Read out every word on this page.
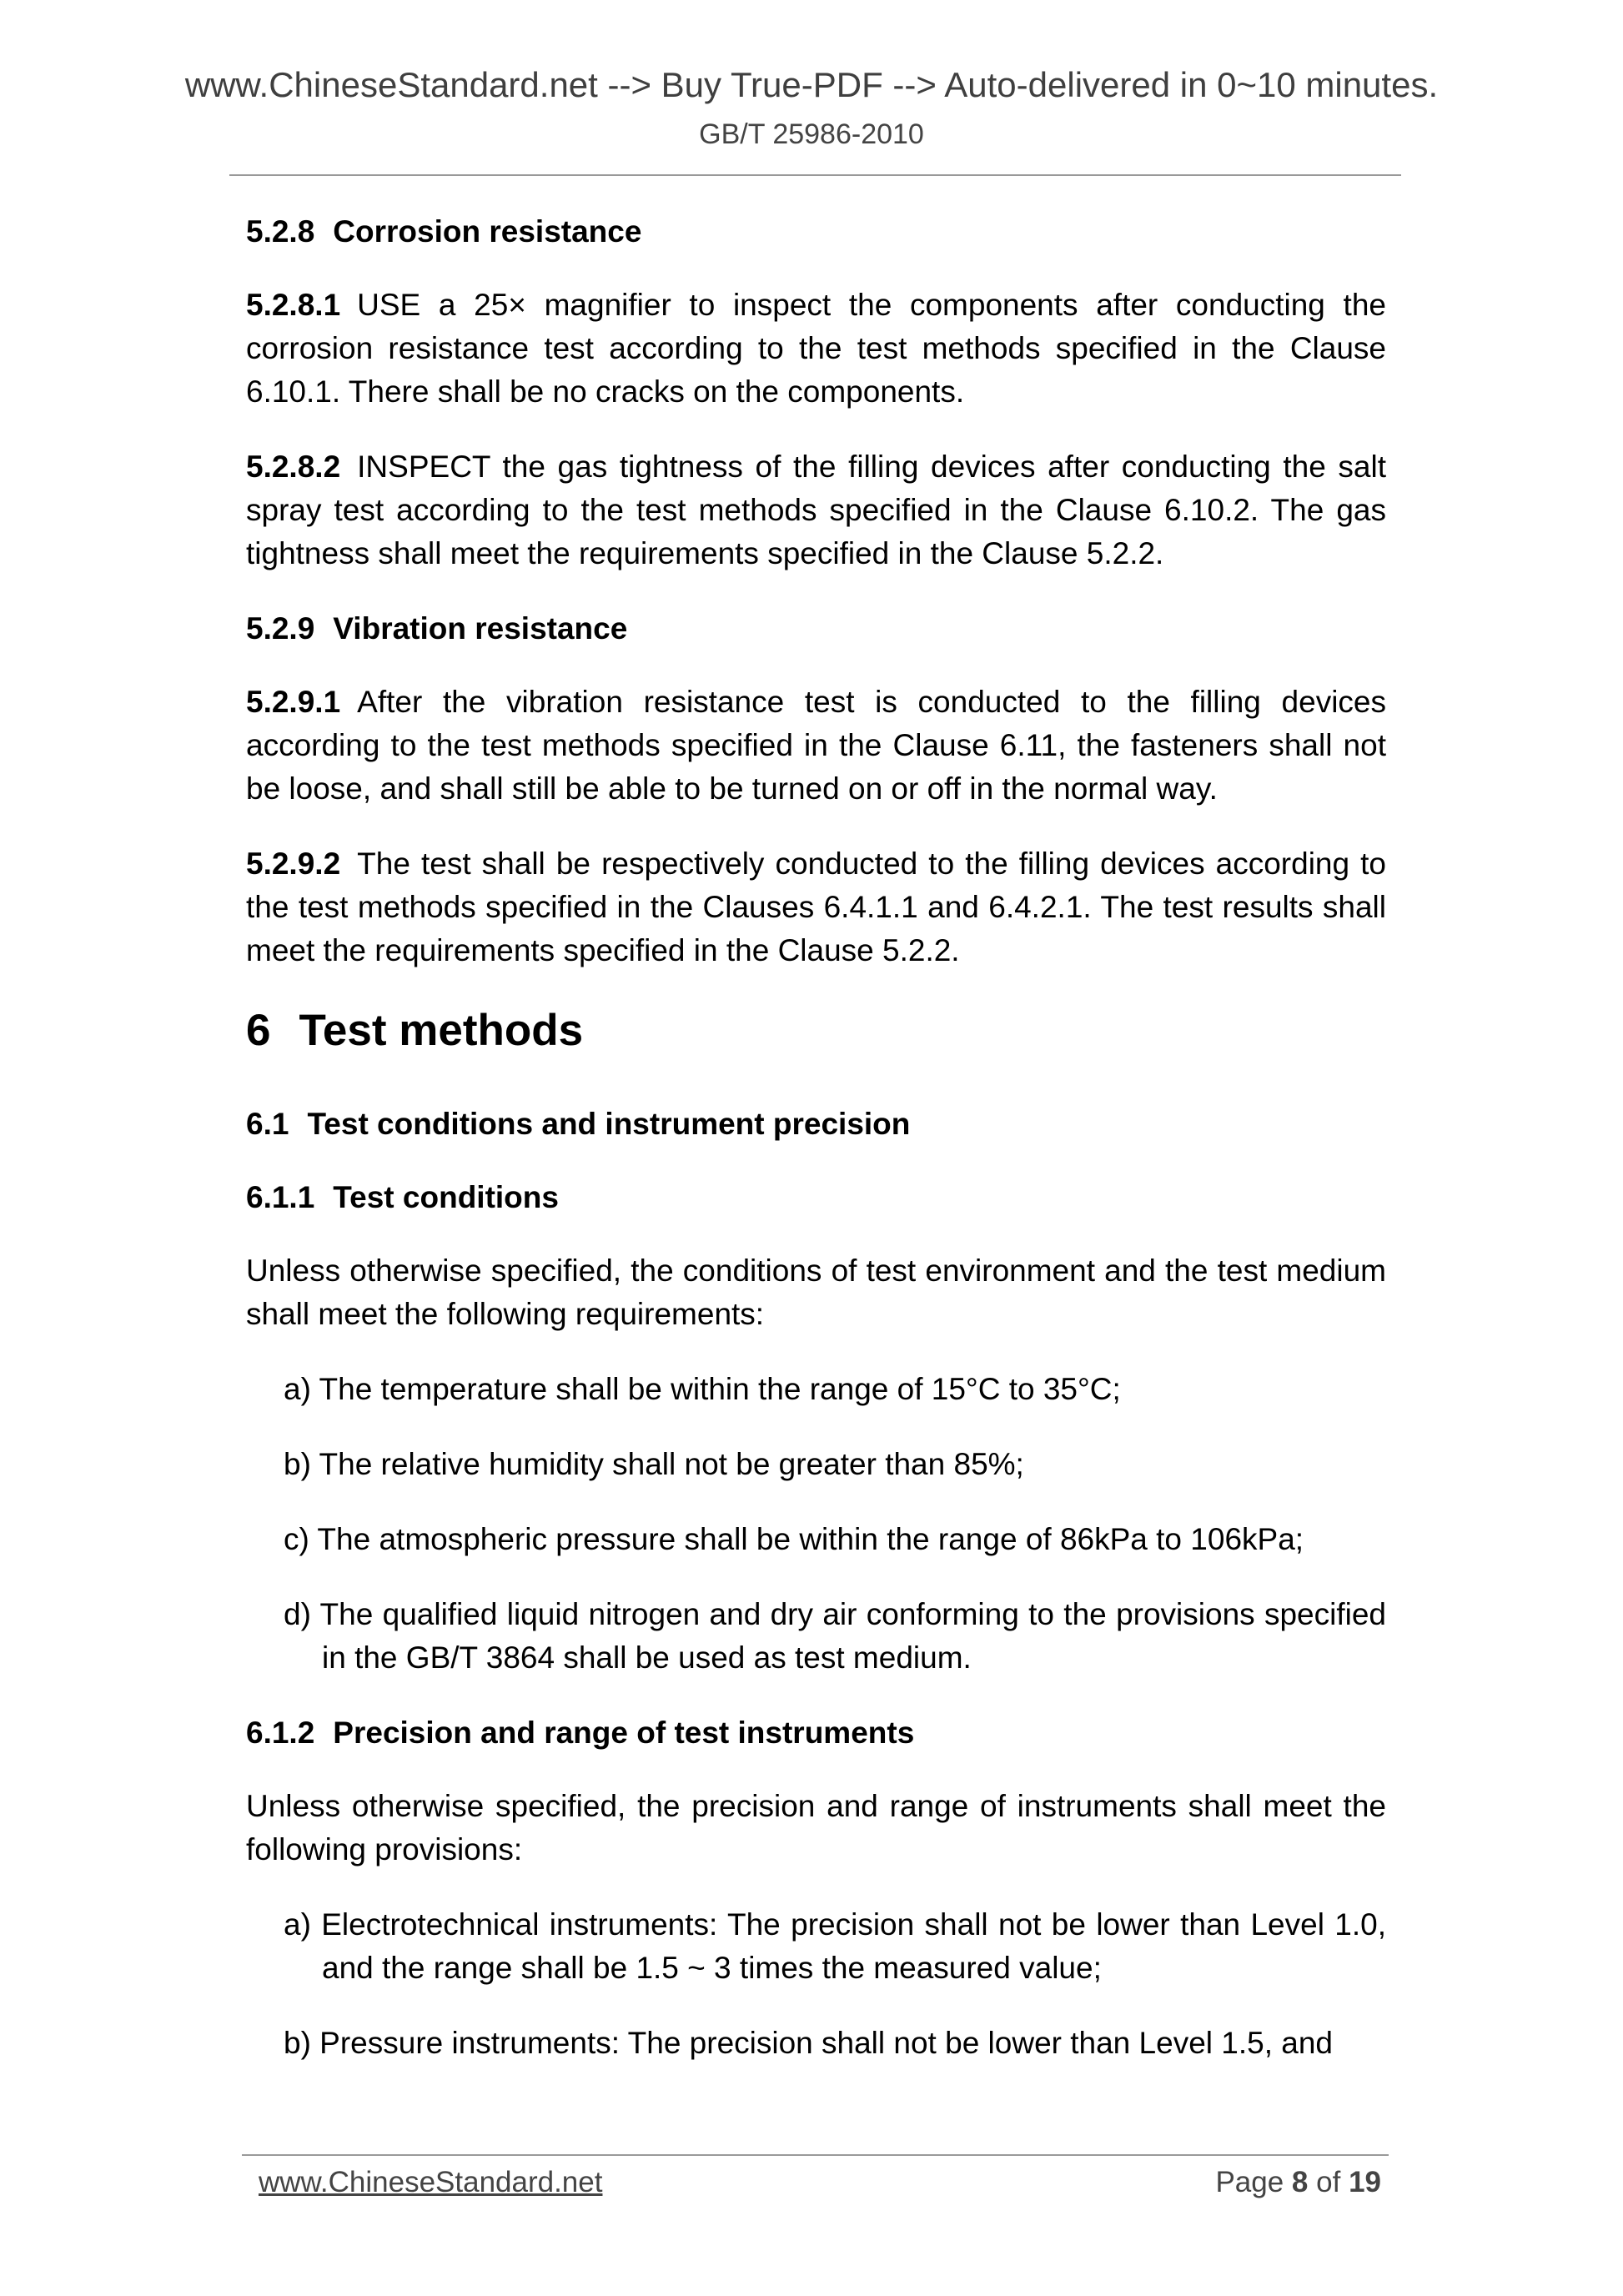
www.ChineseStandard.net --> Buy True-PDF --> Auto-delivered in 0~10 minutes.
GB/T 25986-2010
5.2.8 Corrosion resistance
5.2.8.1 USE a 25× magnifier to inspect the components after conducting the corrosion resistance test according to the test methods specified in the Clause 6.10.1. There shall be no cracks on the components.
5.2.8.2 INSPECT the gas tightness of the filling devices after conducting the salt spray test according to the test methods specified in the Clause 6.10.2. The gas tightness shall meet the requirements specified in the Clause 5.2.2.
5.2.9 Vibration resistance
5.2.9.1 After the vibration resistance test is conducted to the filling devices according to the test methods specified in the Clause 6.11, the fasteners shall not be loose, and shall still be able to be turned on or off in the normal way.
5.2.9.2 The test shall be respectively conducted to the filling devices according to the test methods specified in the Clauses 6.4.1.1 and 6.4.2.1. The test results shall meet the requirements specified in the Clause 5.2.2.
6 Test methods
6.1 Test conditions and instrument precision
6.1.1 Test conditions
Unless otherwise specified, the conditions of test environment and the test medium shall meet the following requirements:
a) The temperature shall be within the range of 15°C to 35°C;
b) The relative humidity shall not be greater than 85%;
c) The atmospheric pressure shall be within the range of 86kPa to 106kPa;
d) The qualified liquid nitrogen and dry air conforming to the provisions specified in the GB/T 3864 shall be used as test medium.
6.1.2 Precision and range of test instruments
Unless otherwise specified, the precision and range of instruments shall meet the following provisions:
a) Electrotechnical instruments: The precision shall not be lower than Level 1.0, and the range shall be 1.5 ~ 3 times the measured value;
b) Pressure instruments: The precision shall not be lower than Level 1.5, and
www.ChineseStandard.net	Page 8 of 19
